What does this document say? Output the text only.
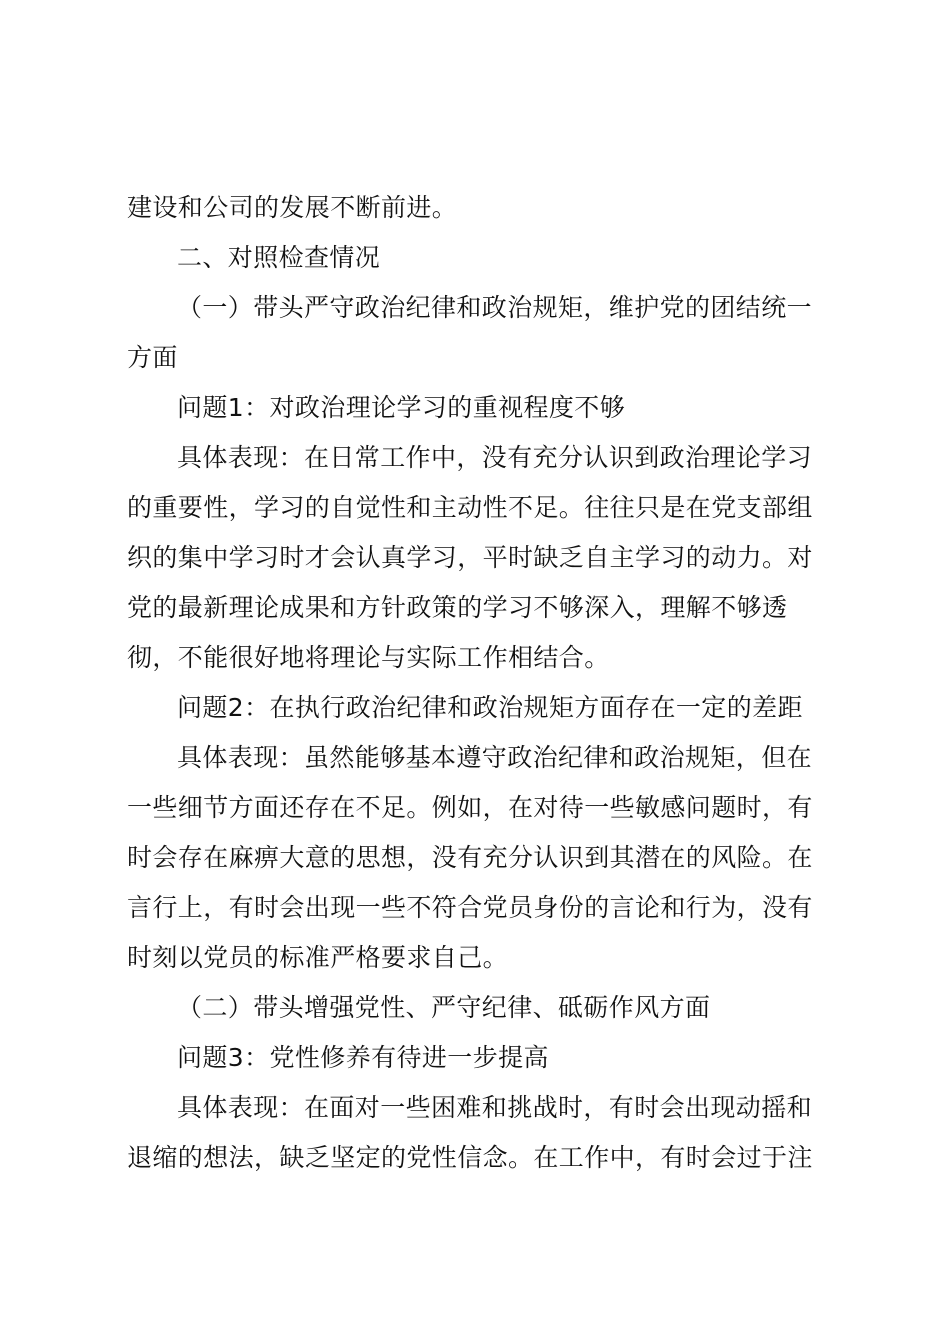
建设和公司的发展不断前进。

二、对照检查情况

（一）带头严守政治纪律和政治规矩，维护党的团结统一方面

问题1：对政治理论学习的重视程度不够

具体表现：在日常工作中，没有充分认识到政治理论学习的重要性，学习的自觉性和主动性不足。往往只是在党支部组织的集中学习时才会认真学习，平时缺乏自主学习的动力。对党的最新理论成果和方针政策的学习不够深入，理解不够透彻，不能很好地将理论与实际工作相结合。

问题2：在执行政治纪律和政治规矩方面存在一定的差距

具体表现：虽然能够基本遵守政治纪律和政治规矩，但在一些细节方面还存在不足。例如，在对待一些敏感问题时，有时会存在麻痹大意的思想，没有充分认识到其潜在的风险。在言行上，有时会出现一些不符合党员身份的言论和行为，没有时刻以党员的标准严格要求自己。

（二）带头增强党性、严守纪律、砥砺作风方面

问题3：党性修养有待进一步提高

具体表现：在面对一些困难和挑战时，有时会出现动摇和退缩的想法，缺乏坚定的党性信念。在工作中，有时会过于注
